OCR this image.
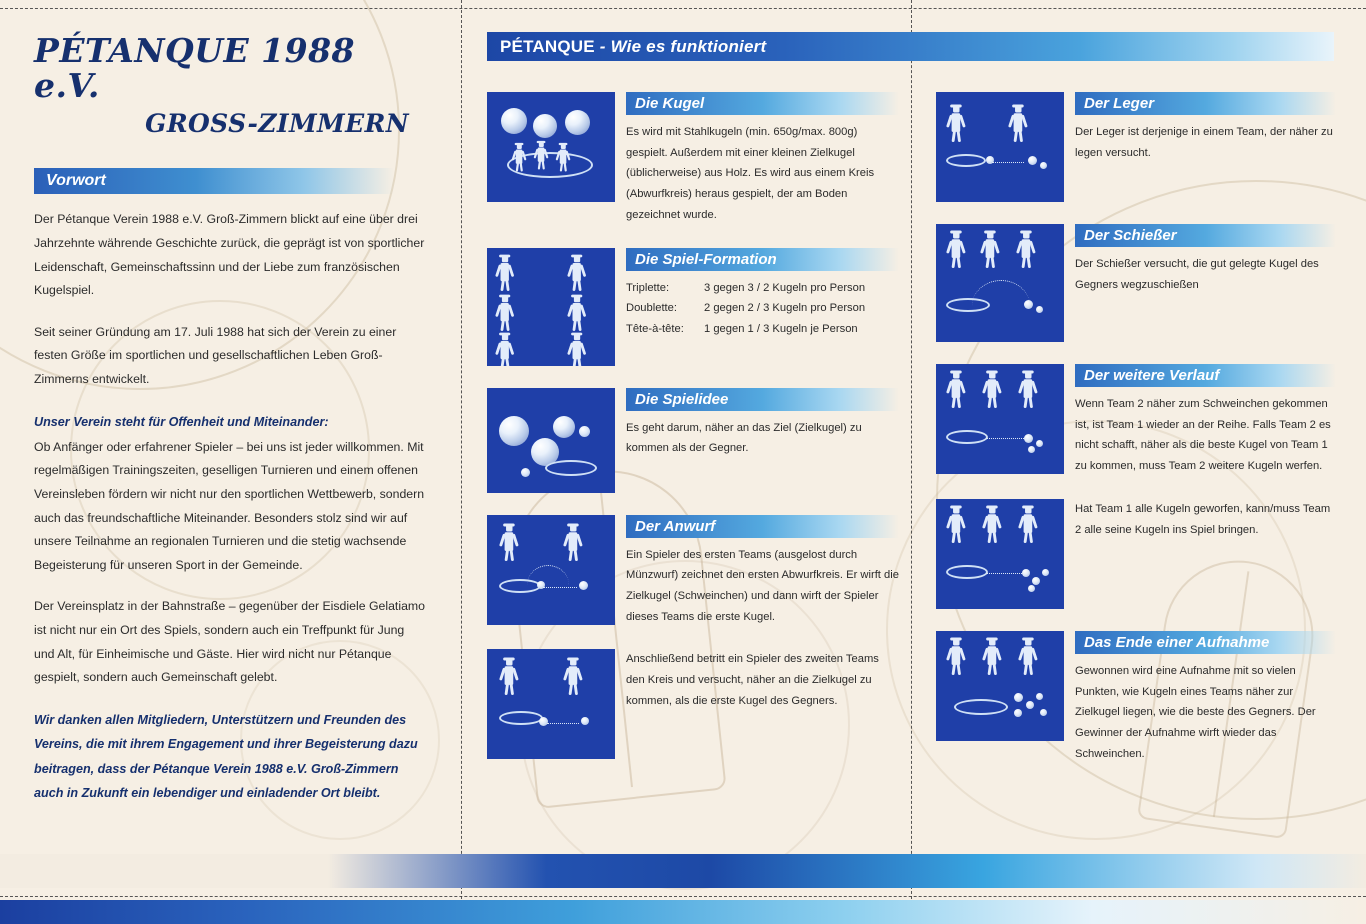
PÉTANQUE 1988 e.V.
GROSS-ZIMMERN
Vorwort

Der Pétanque Verein 1988 e.V. Groß-Zimmern blickt auf eine über drei Jahrzehnte währende Geschichte zurück, die geprägt ist von sportlicher Leidenschaft, Gemeinschaftssinn und der Liebe zum französischen Kugelspiel.

Seit seiner Gründung am 17. Juli 1988 hat sich der Verein zu einer festen Größe im sportlichen und gesellschaftlichen Leben Groß-Zimmerns entwickelt.

Unser Verein steht für Offenheit und Miteinander:

Ob Anfänger oder erfahrener Spieler – bei uns ist jeder willkommen. Mit regelmäßigen Trainingszeiten, geselligen Turnieren und einem offenen Vereinsleben fördern wir nicht nur den sportlichen Wettbewerb, sondern auch das freundschaftliche Miteinander. Besonders stolz sind wir auf unsere Teilnahme an regionalen Turnieren und die stetig wachsende Begeisterung für unseren Sport in der Gemeinde.

Der Vereinsplatz in der Bahnstraße – gegenüber der Eisdiele Gelatiamo ist nicht nur ein Ort des Spiels, sondern auch ein Treffpunkt für Jung und Alt, für Einheimische und Gäste. Hier wird nicht nur Pétanque gespielt, sondern auch Gemeinschaft gelebt.

Wir danken allen Mitgliedern, Unterstützern und Freunden des Vereins, die mit ihrem Engagement und ihrer Begeisterung dazu beitragen, dass der Pétanque Verein 1988 e.V. Groß-Zimmern auch in Zukunft ein lebendiger und einladender Ort bleibt.

PÉTANQUE - Wie es funktioniert
Die Kugel
Es wird mit Stahlkugeln (min. 650g/max. 800g) gespielt. Außerdem mit einer kleinen Zielkugel (üblicherweise) aus Holz. Es wird aus einem Kreis (Abwurfkreis) heraus gespielt, der am Boden gezeichnet wurde.
Die Spiel-Formation
Triplette:	3 gegen 3 / 2 Kugeln pro Person
Doublette:	2 gegen 2 / 3 Kugeln pro Person
Tête-à-tête:	1 gegen 1 / 3 Kugeln je Person
Die Spielidee
Es geht darum, näher an das Ziel (Zielkugel) zu kommen als der Gegner.
Der Anwurf
Ein Spieler des ersten Teams (ausgelost durch Münzwurf) zeichnet den ersten Abwurfkreis. Er wirft die Zielkugel (Schweinchen) und dann wirft der Spieler dieses Teams die erste Kugel.
Anschließend betritt ein Spieler des zweiten Teams den Kreis und versucht, näher an die Zielkugel zu kommen, als die erste Kugel des Gegners.
Der Leger
Der Leger ist derjenige in einem Team, der näher zu legen versucht.
Der Schießer
Der Schießer versucht, die gut gelegte Kugel des Gegners wegzuschießen
Der weitere Verlauf
Wenn Team 2 näher zum Schweinchen gekommen ist, ist Team 1 wieder an der Reihe. Falls Team 2 es nicht schafft, näher als die beste Kugel von Team 1 zu kommen, muss Team 2 weitere Kugeln werfen.
Hat Team 1 alle Kugeln geworfen, kann/muss Team 2 alle seine Kugeln ins Spiel bringen.
Das Ende einer Aufnahme
Gewonnen wird eine Aufnahme mit so vielen Punkten, wie Kugeln eines Teams näher zur Zielkugel liegen, wie die beste des Gegners. Der Gewinner der Aufnahme wirft wieder das Schweinchen.
